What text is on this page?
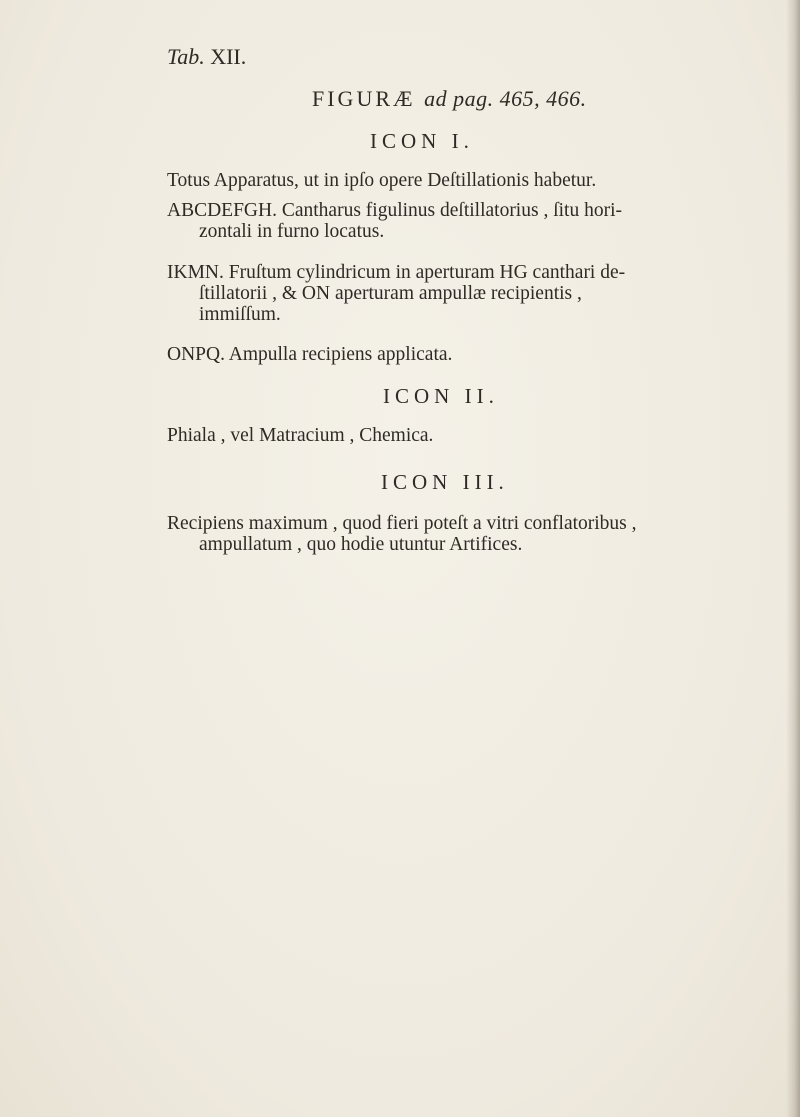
Tab. XII.
FIGURÆ ad pag. 465, 466.
ICON I.
Totus Apparatus, ut in ipſo opere Deſtillationis habetur.
ABCDEFGH. Cantharus figulinus deſtillatorius , ſitu hori-
zontali in furno locatus.
IKMN. Fruſtum cylindricum in aperturam HG canthari de-
ſtillatorii , & ON aperturam ampullæ recipientis ,
immiſſum.
ONPQ. Ampulla recipiens applicata.
ICON II.
Phiala , vel Matracium , Chemica.
ICON III.
Recipiens maximum , quod fieri poteſt a vitri conflatoribus ,
ampullatum , quo hodie utuntur Artifices.
